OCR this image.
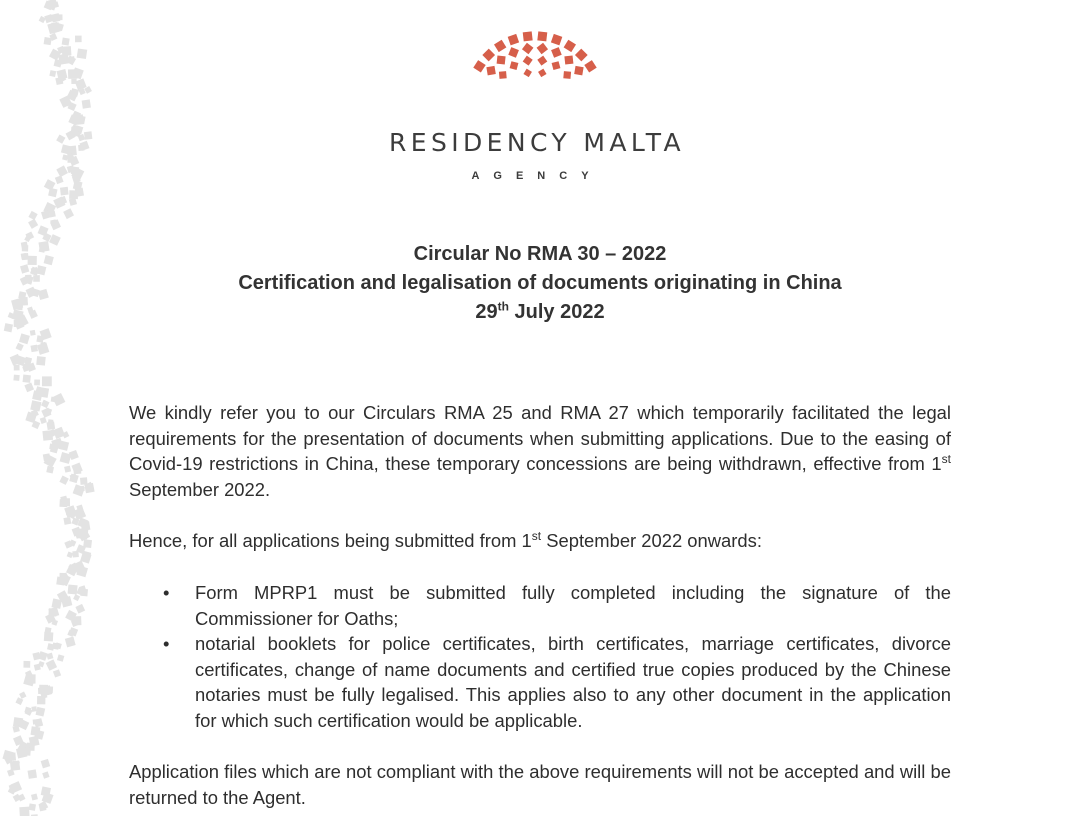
RESIDENCY MALTA
AGENCY
Circular No RMA 30 – 2022
Certification and legalisation of documents originating in China
29th July 2022

We kindly refer you to our Circulars RMA 25 and RMA 27 which temporarily facilitated the legal requirements for the presentation of documents when submitting applications. Due to the easing of Covid-19 restrictions in China, these temporary concessions are being withdrawn, effective from 1st September 2022.

Hence, for all applications being submitted from 1st September 2022 onwards:

• Form MPRP1 must be submitted fully completed including the signature of the Commissioner for Oaths;
• notarial booklets for police certificates, birth certificates, marriage certificates, divorce certificates, change of name documents and certified true copies produced by the Chinese notaries must be fully legalised. This applies also to any other document in the application for which such certification would be applicable.

Application files which are not compliant with the above requirements will not be accepted and will be returned to the Agent.
